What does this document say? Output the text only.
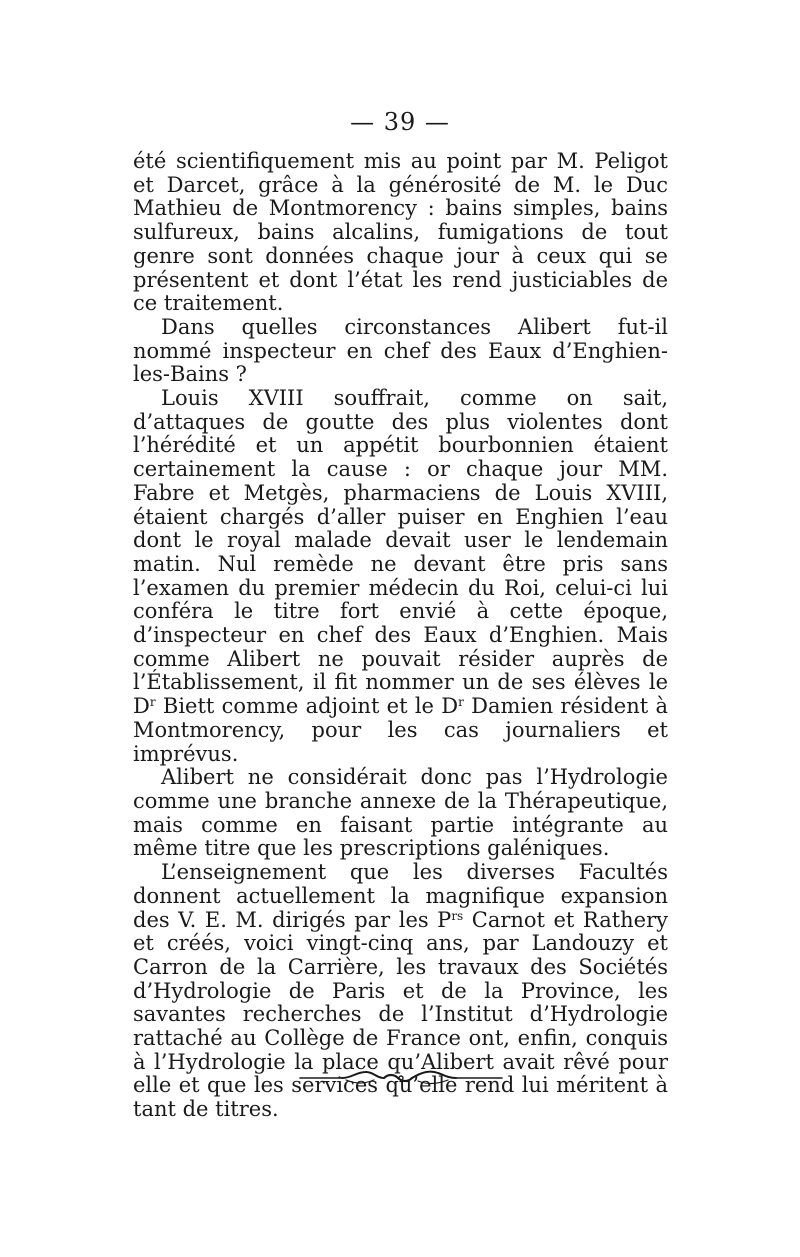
— 39 —

été scientifiquement mis au point par M. Peligot et Darcet, grâce à la générosité de M. le Duc Mathieu de Montmorency : bains simples, bains sulfureux, bains alcalins, fumigations de tout genre sont données chaque jour à ceux qui se présentent et dont l’état les rend justiciables de ce traitement.

Dans quelles circonstances Alibert fut-il nommé inspecteur en chef des Eaux d’Enghien-les-Bains ?

Louis XVIII souffrait, comme on sait, d’attaques de goutte des plus violentes dont l’hérédité et un appétit bourbonnien étaient certainement la cause : or chaque jour MM. Fabre et Metgès, pharmaciens de Louis XVIII, étaient chargés d’aller puiser en Enghien l’eau dont le royal malade devait user le lendemain matin. Nul remède ne devant être pris sans l’examen du premier médecin du Roi, celui-ci lui conféra le titre fort envié à cette époque, d’inspecteur en chef des Eaux d’Enghien. Mais comme Alibert ne pouvait résider auprès de l’Établissement, il fit nommer un de ses élèves le $D^r$ Biett comme adjoint et le $D^r$ Damien résident à Montmorency, pour les cas journaliers et imprévus.

Alibert ne considérait donc pas l’Hydrologie comme une branche annexe de la Thérapeutique, mais comme en faisant partie intégrante au même titre que les prescriptions galéniques.

L’enseignement que les diverses Facultés donnent actuellement la magnifique expansion des V. E. M. dirigés par les $P^{rs}$ Carnot et Rathery et créés, voici vingt-cinq ans, par Landouzy et Carron de la Carrière, les travaux des Sociétés d’Hydrologie de Paris et de la Province, les savantes recherches de l’Institut d’Hydrologie rattaché au Collège de France ont, enfin, conquis à l’Hydrologie la place qu’Alibert avait rêvé pour elle et que les services qu’elle rend lui méritent à tant de titres.
